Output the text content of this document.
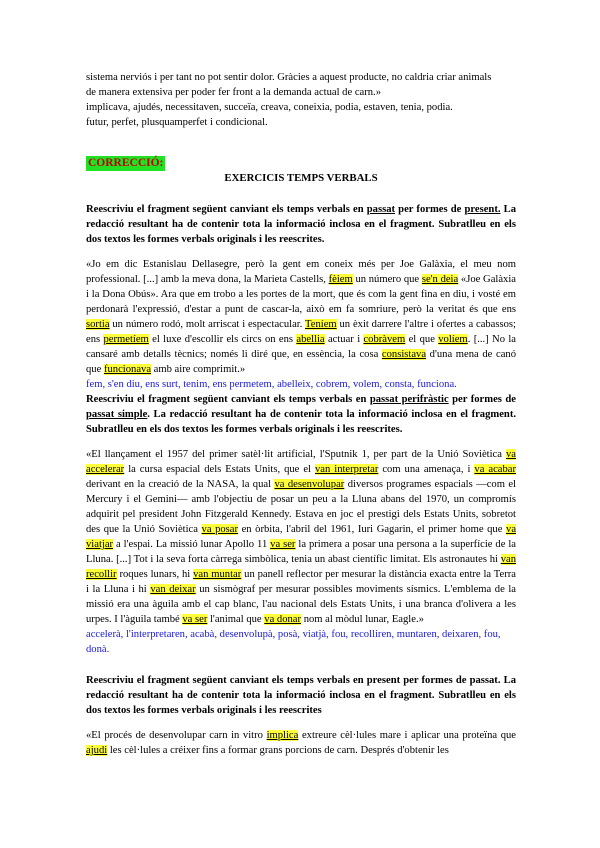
sistema nerviós i per tant no pot sentir dolor. Gràcies a aquest producte, no caldria criar animals

de manera extensiva per poder fer front a la demanda actual de carn.»

implicava, ajudés, necessitaven, succeïa, creava, coneixia, podia, estaven, tenia, podia.

futur, perfet, plusquamperfet i condicional.

CORRECCIÓ:

EXERCICIS TEMPS VERBALS

Reescriviu el fragment següent canviant els temps verbals en passat per formes de present. La redacció resultant ha de contenir tota la informació inclosa en el fragment. Subratlleu en els dos textos les formes verbals originals i les reescrites.

«Jo em dic Estanislau Dellasegre, però la gent em coneix més per Joe Galàxia, el meu nom professional. [...] amb la meva dona, la Marieta Castells, fèiem un número que se'n deia «Joe Galàxia i la Dona Obús». Ara que em trobo a les portes de la mort, que és com la gent fina en diu, i vosté em perdonarà l'expressió, d'estar a punt de cascar-la, això em fa somriure, però la veritat és que ens sortia un número rodó, molt arriscat i espectacular. Teníem un èxit darrere l'altre i ofertes a cabassos; ens permetíem el luxe d'escollir els circs on ens abellia actuar i cobràvem el que volíem. [...] No la cansaré amb detalls tècnics; només li diré que, en essència, la cosa consistava d'una mena de canó que funcionava amb aire comprimit.»

fem, s'en diu, ens surt, tenim, ens permetem, abelleix, cobrem, volem, consta, funciona.

Reescriviu el fragment següent canviant els temps verbals en passat perifràstic per formes de passat simple. La redacció resultant ha de contenir tota la informació inclosa en el fragment. Subratlleu en els dos textos les formes verbals originals i les reescrites.

«El llançament el 1957 del primer satèl·lit artificial, l'Sputnik 1, per part de la Unió Soviètica va accelerar la cursa espacial dels Estats Units, que el van interpretar com una amenaça, i va acabar derivant en la creació de la NASA, la qual va desenvolupar diversos programes espacials —com el Mercury i el Gemini— amb l'objectiu de posar un peu a la Lluna abans del 1970, un compromís adquirit pel president John Fitzgerald Kennedy. Estava en joc el prestigi dels Estats Units, sobretot des que la Unió Soviètica va posar en òrbita, l'abril del 1961, Iuri Gagarin, el primer home que va viatjar a l'espai. La missió lunar Apollo 11 va ser la primera a posar una persona a la superfície de la Lluna. [...] Tot i la seva forta càrrega simbòlica, tenia un abast científic limitat. Els astronautes hi van recollir roques lunars, hi van muntar un panell reflector per mesurar la distància exacta entre la Terra i la Lluna i hi van deixar un sismògraf per mesurar possibles moviments sísmics. L'emblema de la missió era una àguila amb el cap blanc, l'au nacional dels Estats Units, i una branca d'olivera a les urpes. I l'àguila també va ser l'animal que va donar nom al mòdul lunar, Eagle.»

accelerà, l'interpretaren, acabà, desenvolupà, posà, viatjà, fou, recolliren, muntaren, deixaren, fou, donà.

Reescriviu el fragment següent canviant els temps verbals en present per formes de passat. La redacció resultant ha de contenir tota la informació inclosa en el fragment. Subratlleu en els dos textos les formes verbals originals i les reescrites

«El procés de desenvolupar carn in vitro implica extreure cèl·lules mare i aplicar una proteïna que ajudi les cèl·lules a créixer fins a formar grans porcions de carn. Després d'obtenir les
